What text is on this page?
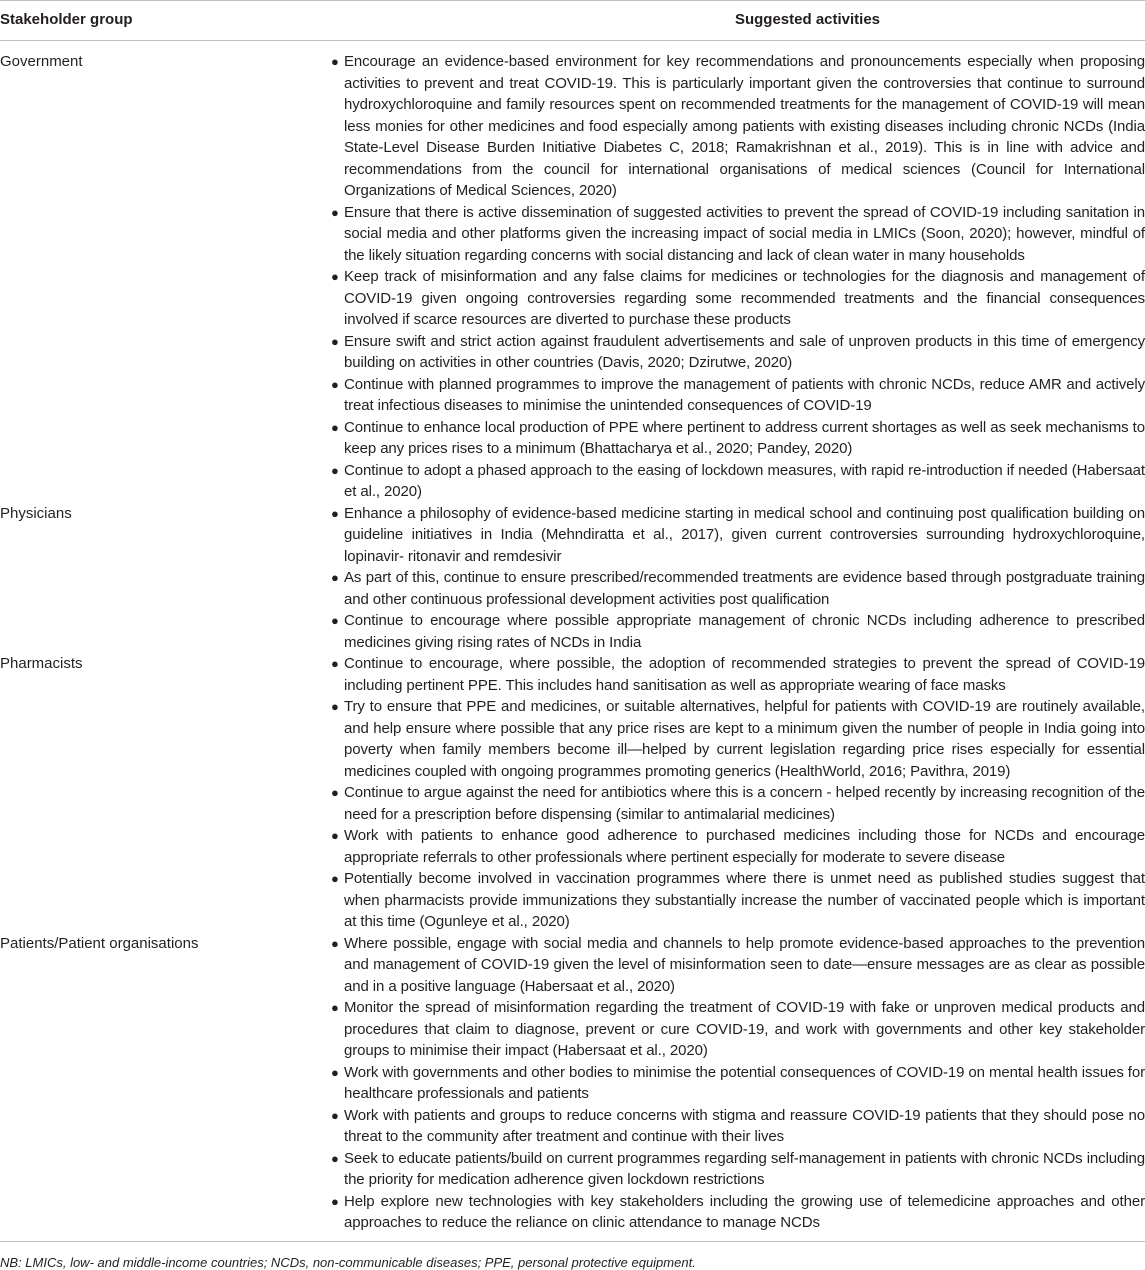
Stakeholder group	Suggested activities
Government	● Encourage an evidence-based environment for key recommendations and pronouncements especially when proposing activities to prevent and treat COVID-19. This is particularly important given the controversies that continue to surround hydroxychloroquine and family resources spent on recommended treatments for the management of COVID-19 will mean less monies for other medicines and food especially among patients with existing diseases including chronic NCDs (India State-Level Disease Burden Initiative Diabetes C, 2018; Ramakrishnan et al., 2019). This is in line with advice and recommendations from the council for international organisations of medical sciences (Council for International Organizations of Medical Sciences, 2020)
● Ensure that there is active dissemination of suggested activities to prevent the spread of COVID-19 including sanitation in social media and other platforms given the increasing impact of social media in LMICs (Soon, 2020); however, mindful of the likely situation regarding concerns with social distancing and lack of clean water in many households
● Keep track of misinformation and any false claims for medicines or technologies for the diagnosis and management of COVID-19 given ongoing controversies regarding some recommended treatments and the financial consequences involved if scarce resources are diverted to purchase these products
● Ensure swift and strict action against fraudulent advertisements and sale of unproven products in this time of emergency building on activities in other countries (Davis, 2020; Dzirutwe, 2020)
● Continue with planned programmes to improve the management of patients with chronic NCDs, reduce AMR and actively treat infectious diseases to minimise the unintended consequences of COVID-19
● Continue to enhance local production of PPE where pertinent to address current shortages as well as seek mechanisms to keep any prices rises to a minimum (Bhattacharya et al., 2020; Pandey, 2020)
● Continue to adopt a phased approach to the easing of lockdown measures, with rapid re-introduction if needed (Habersaat et al., 2020)
Physicians	● Enhance a philosophy of evidence-based medicine starting in medical school and continuing post qualification building on guideline initiatives in India (Mehndiratta et al., 2017), given current controversies surrounding hydroxychloroquine, lopinavir- ritonavir and remdesivir
● As part of this, continue to ensure prescribed/recommended treatments are evidence based through postgraduate training and other continuous professional development activities post qualification
● Continue to encourage where possible appropriate management of chronic NCDs including adherence to prescribed medicines giving rising rates of NCDs in India
Pharmacists	● Continue to encourage, where possible, the adoption of recommended strategies to prevent the spread of COVID-19 including pertinent PPE. This includes hand sanitisation as well as appropriate wearing of face masks
● Try to ensure that PPE and medicines, or suitable alternatives, helpful for patients with COVID-19 are routinely available, and help ensure where possible that any price rises are kept to a minimum given the number of people in India going into poverty when family members become ill—helped by current legislation regarding price rises especially for essential medicines coupled with ongoing programmes promoting generics (HealthWorld, 2016; Pavithra, 2019)
● Continue to argue against the need for antibiotics where this is a concern - helped recently by increasing recognition of the need for a prescription before dispensing (similar to antimalarial medicines)
● Work with patients to enhance good adherence to purchased medicines including those for NCDs and encourage appropriate referrals to other professionals where pertinent especially for moderate to severe disease
● Potentially become involved in vaccination programmes where there is unmet need as published studies suggest that when pharmacists provide immunizations they substantially increase the number of vaccinated people which is important at this time (Ogunleye et al., 2020)
Patients/Patient organisations	● Where possible, engage with social media and channels to help promote evidence-based approaches to the prevention and management of COVID-19 given the level of misinformation seen to date—ensure messages are as clear as possible and in a positive language (Habersaat et al., 2020)
● Monitor the spread of misinformation regarding the treatment of COVID-19 with fake or unproven medical products and procedures that claim to diagnose, prevent or cure COVID-19, and work with governments and other key stakeholder groups to minimise their impact (Habersaat et al., 2020)
● Work with governments and other bodies to minimise the potential consequences of COVID-19 on mental health issues for healthcare professionals and patients
● Work with patients and groups to reduce concerns with stigma and reassure COVID-19 patients that they should pose no threat to the community after treatment and continue with their lives
● Seek to educate patients/build on current programmes regarding self-management in patients with chronic NCDs including the priority for medication adherence given lockdown restrictions
● Help explore new technologies with key stakeholders including the growing use of telemedicine approaches and other approaches to reduce the reliance on clinic attendance to manage NCDs
NB: LMICs, low- and middle-income countries; NCDs, non-communicable diseases; PPE, personal protective equipment.
